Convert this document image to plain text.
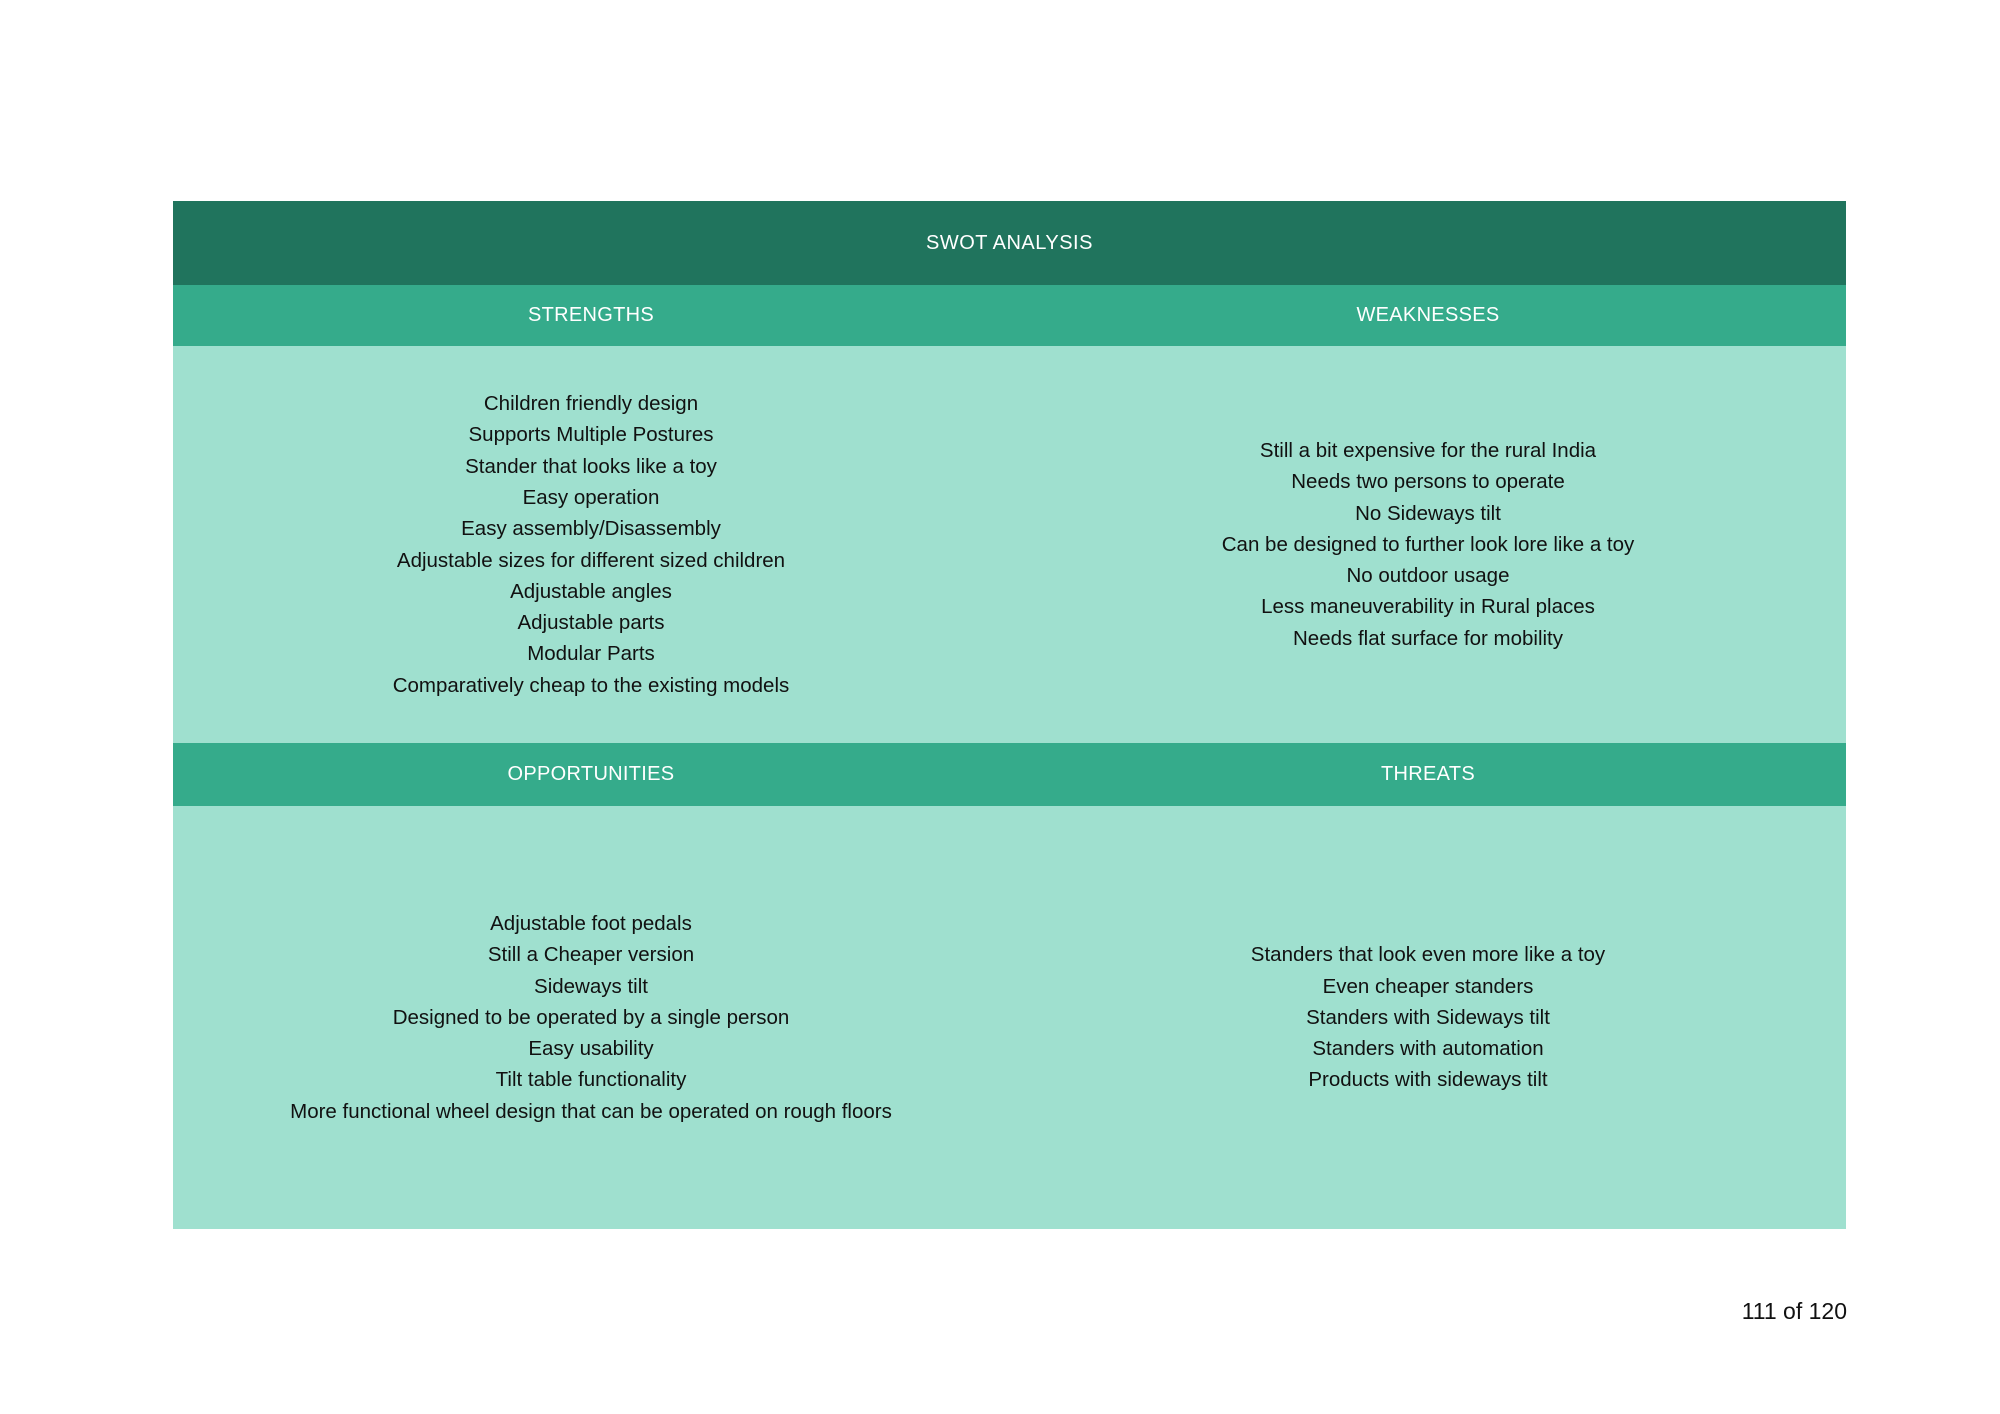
SWOT ANALYSIS
STRENGTHS	WEAKNESSES
Children friendly design
Supports Multiple Postures
Stander that looks like a toy
Easy operation
Easy assembly/Disassembly
Adjustable sizes for different sized children
Adjustable angles
Adjustable parts
Modular Parts
Comparatively cheap to the existing models
Still a bit expensive for the rural India
Needs two persons to operate
No Sideways tilt
Can be designed to further look lore like a toy
No outdoor usage
Less maneuverability in Rural places
Needs flat surface for mobility
OPPORTUNITIES	THREATS
Adjustable foot pedals
Still a Cheaper version
Sideways tilt
Designed to be operated by a single person
Easy usability
Tilt table functionality
More functional wheel design that can be operated on rough floors
Standers that look even more like a toy
Even cheaper standers
Standers with Sideways tilt
Standers with automation
Products with sideways tilt
111 of 120
